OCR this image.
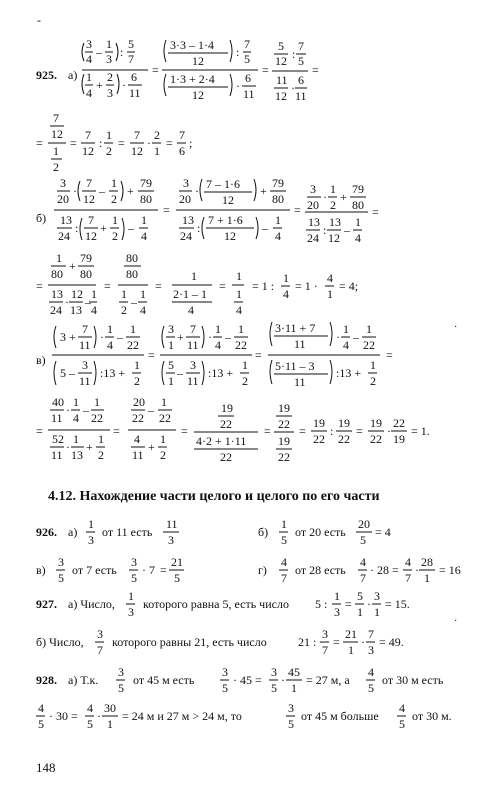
-
925. а)
3
4 –
1
3 :
5
7
1
4
+
2
3
·
6
11
=
3·3 – 1·4
12
:
7
5
1·3 + 2·4
12
·
6
11
=
5
12 :
7
5
11
12
·
6
11
=
7
12
1
2
= =
7
12
:
1
2
=
7
12
·
2
1
=
7
6
;
б)
3
20
·
7
12
–
1
2
+
79
80
13
24
:
7
12
+
1
2
–
1
4
=
3
20
· 7 – 1·6
12
+
79
80
13
24
:
7 + 1·6
12
–
1
4
=
3
20
·
1
2
+
79
80
13
24
:
13
12
–
1
4
=
=
1
80
+
79
80
13
24
·
12
13
–
1
4
=
80
80
1
2
–
1
4
=
1
2·1 – 1
4
=
1
1
4
= 1 :
1
4
= 1 ·
4
1
= 4;
в)
3 +
7
11
·
1
4
–
1
22
5 –
3
11
:13 +
1
2
=
3
1
+
7
11
·
1
4
–
1
22
5
1
–
3
11
:13 +
1
2
=
3·11 + 7
11	·
1
4
–
1
22
5·11 – 3
11
:13 +
1
2
=
=
40
11
·
1
4
–
1
22
52
11
·
1
13
+
1
2
=
20
22
–
1
22
4
11
+
1
2
=
19
22
4·2 + 1·11
22
=
19
22
19
22
=
19
22
:
19
22
=
19
22
·
22
19
= 1.
4.12. Нахождение части целого и целого по его части
926. а)
1
3
от 11 есть
11
3
б)
1
5
от 20 есть
20
5
= 4
в)
3
5
от 7 есть
3
5
· 7 =
21
5
г)
4
7
от 28 есть
4
7
· 28 =
4
7
·
28
1
= 16
927. а) Число,
1
3
которого равна 5, есть число 5 :
1
3
=
5
1
·
3
1
= 15.
б) Число,
3
7
которого равны 21, есть число	21 :
3
7
=
21
1
·
7
3
= 49.
928. а) Т.к.
3
5
от 45 м есть
3
5
· 45 =
3
5
·
45
1
= 27 м, а
4
5
от 30 м есть
4
5
· 30 =
4
5
·
30
1
= 24 м и 27 м > 24 м, то
3
5
от 45 м больше
4
5
от 30 м.
148
·
·
